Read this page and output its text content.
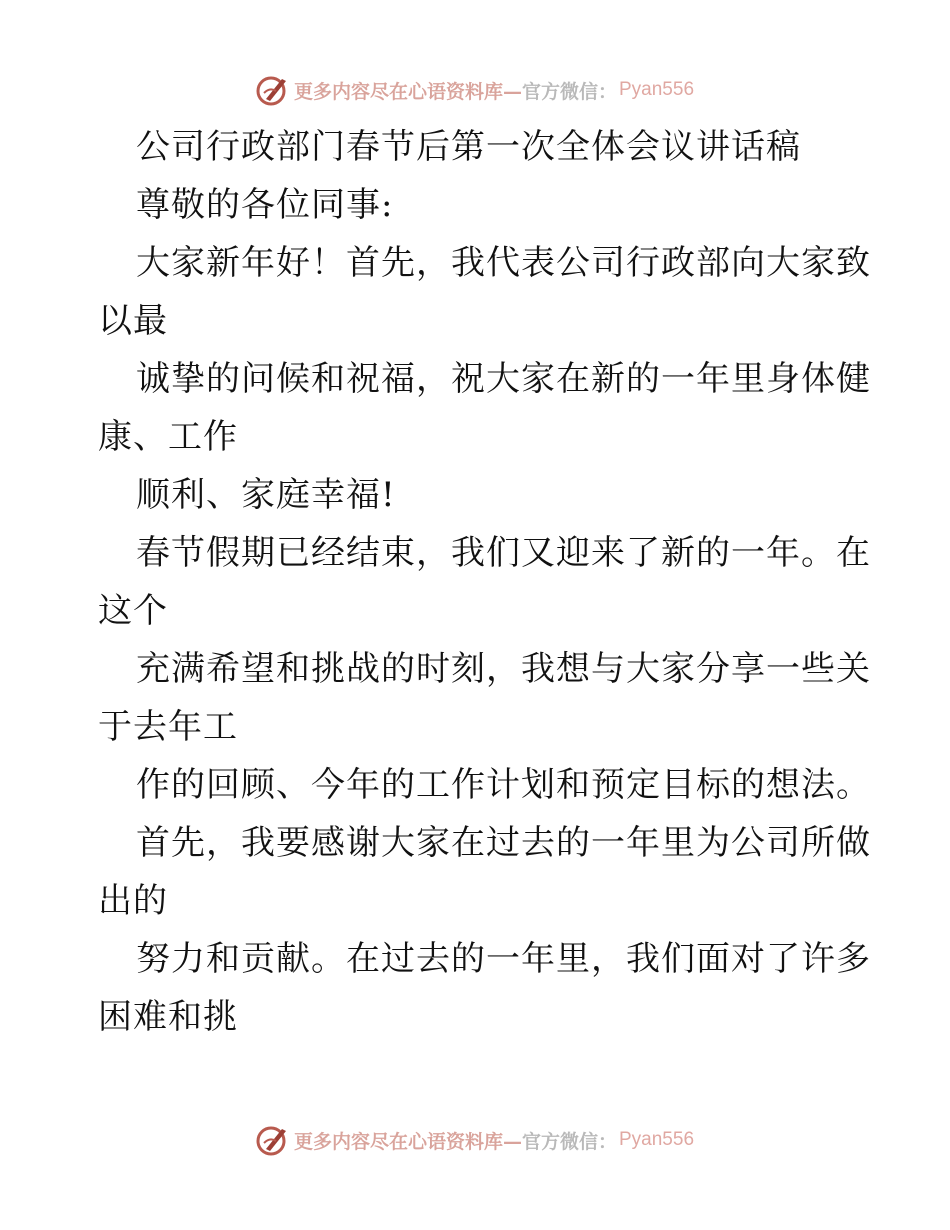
更多内容尽在心语资料库— 官方微信： Pyan556
公司行政部门春节后第一次全体会议讲话稿
尊敬的各位同事:
大家新年好！首先，我代表公司行政部向大家致
以最
诚挚的问候和祝福，祝大家在新的一年里身体健
康、工作
顺利、家庭幸福!
春节假期已经结束，我们又迎来了新的一年。在
这个
充满希望和挑战的时刻，我想与大家分享一些关
于去年工
作的回顾、今年的工作计划和预定目标的想法。
首先，我要感谢大家在过去的一年里为公司所做
出的
努力和贡献。在过去的一年里，我们面对了许多
困难和挑
更多内容尽在心语资料库— 官方微信： Pyan556
